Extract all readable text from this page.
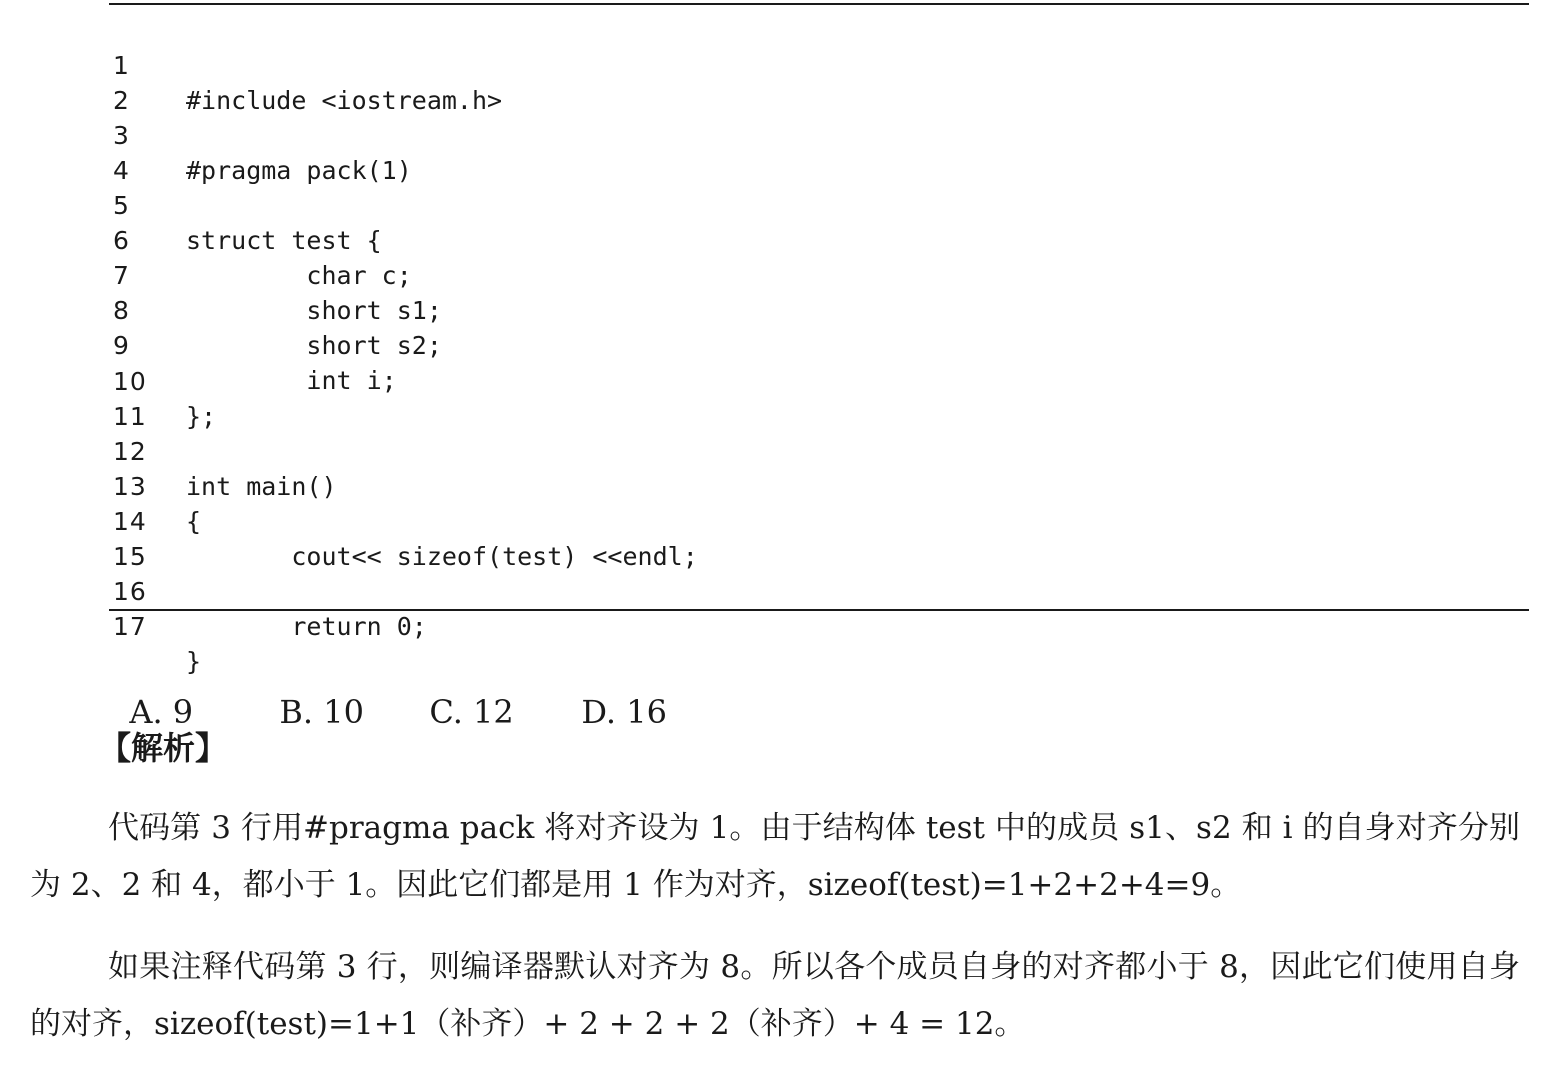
1

#include <iostream.h>

2

3

#pragma pack(1)

4

5

struct test {

6

char c;

7

short s1;

8

short s2;

9

int i;

10

};

11

12

int main()

13

{

14

cout<< sizeof(test) <<endl;

15

16

return 0;

17

}

A. 9	B. 10 C. 12 D. 16

【解析】
代码第 3 行用#pragma pack 将对齐设为 1。由于结构体 test 中的成员 s1、s2 和 i 的自身对齐分别为 2、2 和 4，都小于 1。因此它们都是用 1 作为对齐，sizeof(test)=1+2+2+4=9。
如果注释代码第 3 行，则编译器默认对齐为 8。所以各个成员自身的对齐都小于 8，因此它们使用自身的对齐，sizeof(test)=1+1（补齐）+ 2 + 2 + 2（补齐）+ 4 = 12。
